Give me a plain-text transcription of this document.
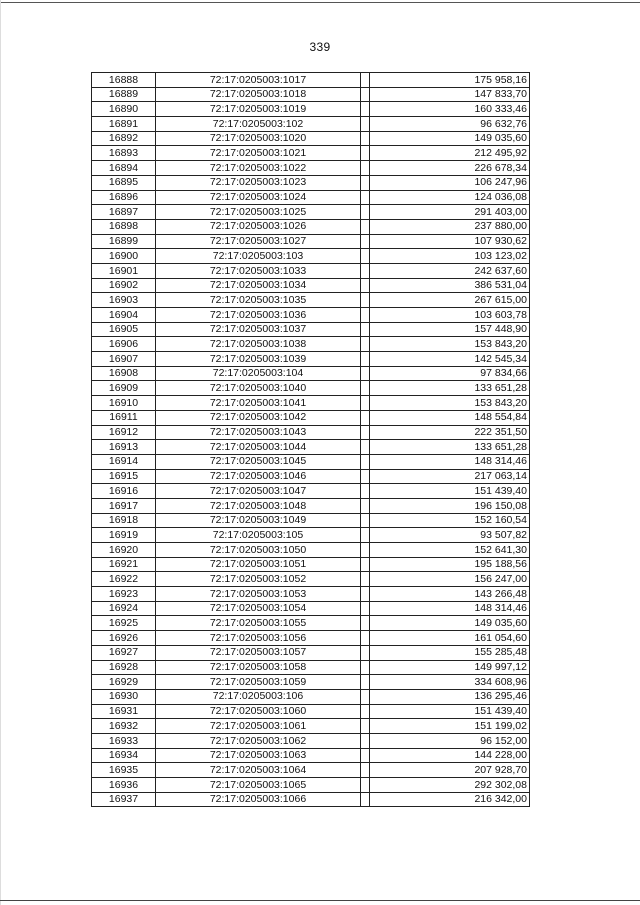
339
16888	72:17:0205003:1017		175 958,16
16889	72:17:0205003:1018		147 833,70
16890	72:17:0205003:1019		160 333,46
16891	72:17:0205003:102		96 632,76
16892	72:17:0205003:1020		149 035,60
16893	72:17:0205003:1021		212 495,92
16894	72:17:0205003:1022		226 678,34
16895	72:17:0205003:1023		106 247,96
16896	72:17:0205003:1024		124 036,08
16897	72:17:0205003:1025		291 403,00
16898	72:17:0205003:1026		237 880,00
16899	72:17:0205003:1027		107 930,62
16900	72:17:0205003:103		103 123,02
16901	72:17:0205003:1033		242 637,60
16902	72:17:0205003:1034		386 531,04
16903	72:17:0205003:1035		267 615,00
16904	72:17:0205003:1036		103 603,78
16905	72:17:0205003:1037		157 448,90
16906	72:17:0205003:1038		153 843,20
16907	72:17:0205003:1039		142 545,34
16908	72:17:0205003:104		97 834,66
16909	72:17:0205003:1040		133 651,28
16910	72:17:0205003:1041		153 843,20
16911	72:17:0205003:1042		148 554,84
16912	72:17:0205003:1043		222 351,50
16913	72:17:0205003:1044		133 651,28
16914	72:17:0205003:1045		148 314,46
16915	72:17:0205003:1046		217 063,14
16916	72:17:0205003:1047		151 439,40
16917	72:17:0205003:1048		196 150,08
16918	72:17:0205003:1049		152 160,54
16919	72:17:0205003:105		93 507,82
16920	72:17:0205003:1050		152 641,30
16921	72:17:0205003:1051		195 188,56
16922	72:17:0205003:1052		156 247,00
16923	72:17:0205003:1053		143 266,48
16924	72:17:0205003:1054		148 314,46
16925	72:17:0205003:1055		149 035,60
16926	72:17:0205003:1056		161 054,60
16927	72:17:0205003:1057		155 285,48
16928	72:17:0205003:1058		149 997,12
16929	72:17:0205003:1059		334 608,96
16930	72:17:0205003:106		136 295,46
16931	72:17:0205003:1060		151 439,40
16932	72:17:0205003:1061		151 199,02
16933	72:17:0205003:1062		96 152,00
16934	72:17:0205003:1063		144 228,00
16935	72:17:0205003:1064		207 928,70
16936	72:17:0205003:1065		292 302,08
16937	72:17:0205003:1066		216 342,00
